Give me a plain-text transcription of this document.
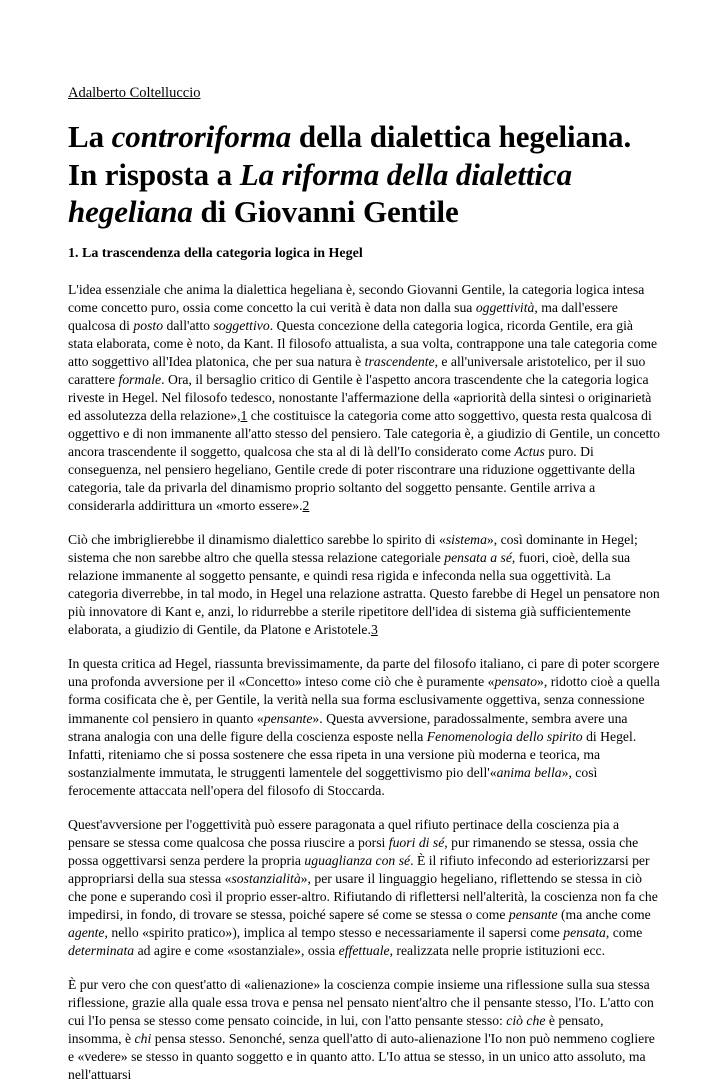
Adalberto Coltelluccio
La controriforma della dialettica hegeliana. In risposta a La riforma della dialettica hegeliana di Giovanni Gentile
1. La trascendenza della categoria logica in Hegel

L'idea essenziale che anima la dialettica hegeliana è, secondo Giovanni Gentile, la categoria logica intesa come concetto puro, ossia come concetto la cui verità è data non dalla sua oggettività, ma dall'essere qualcosa di posto dall'atto soggettivo. Questa concezione della categoria logica, ricorda Gentile, era già stata elaborata, come è noto, da Kant. Il filosofo attualista, a sua volta, contrappone una tale categoria come atto soggettivo all'Idea platonica, che per sua natura è trascendente, e all'universale aristotelico, per il suo carattere formale. Ora, il bersaglio critico di Gentile è l'aspetto ancora trascendente che la categoria logica riveste in Hegel. Nel filosofo tedesco, nonostante l'affermazione della «apriorità della sintesi o originarietà ed assolutezza della relazione»,1 che costituisce la categoria come atto soggettivo, questa resta qualcosa di oggettivo e di non immanente all'atto stesso del pensiero. Tale categoria è, a giudizio di Gentile, un concetto ancora trascendente il soggetto, qualcosa che sta al di là dell'Io considerato come Actus puro. Di conseguenza, nel pensiero hegeliano, Gentile crede di poter riscontrare una riduzione oggettivante della categoria, tale da privarla del dinamismo proprio soltanto del soggetto pensante. Gentile arriva a considerarla addirittura un «morto essere».2

Ciò che imbriglierebbe il dinamismo dialettico sarebbe lo spirito di «sistema», così dominante in Hegel; sistema che non sarebbe altro che quella stessa relazione categoriale pensata a sé, fuori, cioè, della sua relazione immanente al soggetto pensante, e quindi resa rigida e infeconda nella sua oggettività. La categoria diverrebbe, in tal modo, in Hegel una relazione astratta. Questo farebbe di Hegel un pensatore non più innovatore di Kant e, anzi, lo ridurrebbe a sterile ripetitore dell'idea di sistema già sufficientemente elaborata, a giudizio di Gentile, da Platone e Aristotele.3

In questa critica ad Hegel, riassunta brevissimamente, da parte del filosofo italiano, ci pare di poter scorgere una profonda avversione per il «Concetto» inteso come ciò che è puramente «pensato», ridotto cioè a quella forma cosificata che è, per Gentile, la verità nella sua forma esclusivamente oggettiva, senza connessione immanente col pensiero in quanto «pensante». Questa avversione, paradossalmente, sembra avere una strana analogia con una delle figure della coscienza esposte nella Fenomenologia dello spirito di Hegel. Infatti, riteniamo che si possa sostenere che essa ripeta in una versione più moderna e teorica, ma sostanzialmente immutata, le struggenti lamentele del soggettivismo pio dell'«anima bella», così ferocemente attaccata nell'opera del filosofo di Stoccarda.

Quest'avversione per l'oggettività può essere paragonata a quel rifiuto pertinace della coscienza pia a pensare se stessa come qualcosa che possa riuscire a porsi fuori di sé, pur rimanendo se stessa, ossia che possa oggettivarsi senza perdere la propria uguaglianza con sé. È il rifiuto infecondo ad esteriorizzarsi per appropriarsi della sua stessa «sostanzialità», per usare il linguaggio hegeliano, riflettendo se stessa in ciò che pone e superando così il proprio esser-altro. Rifiutando di riflettersi nell'alterità, la coscienza non fa che impedirsi, in fondo, di trovare se stessa, poiché sapere sé come se stessa o come pensante (ma anche come agente, nello «spirito pratico»), implica al tempo stesso e necessariamente il sapersi come pensata, come determinata ad agire e come «sostanziale», ossia effettuale, realizzata nelle proprie istituzioni ecc.

È pur vero che con quest'atto di «alienazione» la coscienza compie insieme una riflessione sulla sua stessa riflessione, grazie alla quale essa trova e pensa nel pensato nient'altro che il pensante stesso, l'Io. L'atto con cui l'Io pensa se stesso come pensato coincide, in lui, con l'atto pensante stesso: ciò che è pensato, insomma, è chi pensa stesso. Senonché, senza quell'atto di auto-alienazione l'Io non può nemmeno cogliere e «vedere» se stesso in quanto soggetto e in quanto atto. L'Io attua se stesso, in un unico atto assoluto, ma nell'attuarsi
